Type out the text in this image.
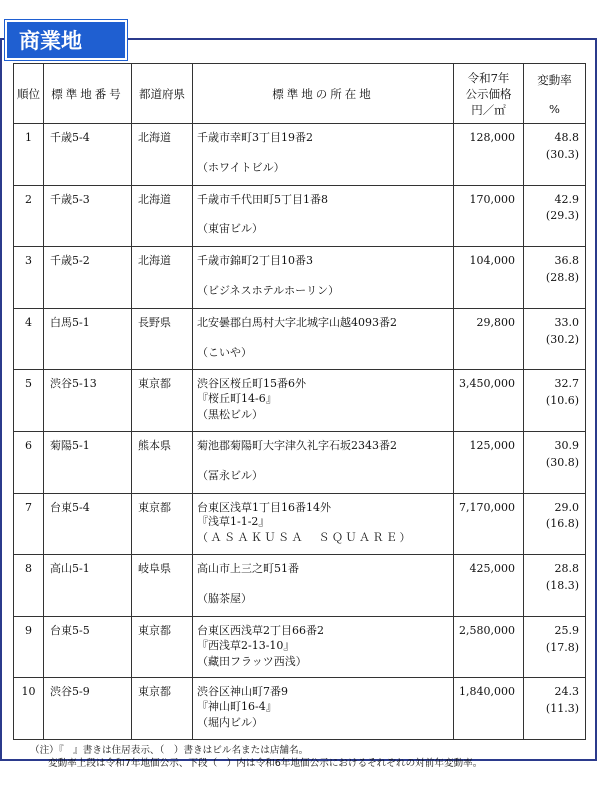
商業地
順位	標準地番号	都道府県	標準地の所在地	令和7年
公示価格
円／㎡	変動率

%
1	千歳5-4	北海道	千歳市幸町3丁目19番2
（ホワイトビル）	128,000	48.8
(30.3)

2	千歳5-3	北海道	千歳市千代田町5丁目1番8
（東宙ビル）	170,000	42.9
(29.3)

3	千歳5-2	北海道	千歳市錦町2丁目10番3
（ビジネスホテルホーリン）	104,000	36.8
(28.8)

4	白馬5-1	長野県	北安曇郡白馬村大字北城字山越4093番2
（こいや）	29,800	33.0
(30.2)

5	渋谷5-13	東京都	渋谷区桜丘町15番6外
『桜丘町14-6』
（黒松ビル）	3,450,000	32.7
(10.6)

6	菊陽5-1	熊本県	菊池郡菊陽町大字津久礼字石坂2343番2
（冨永ビル）	125,000	30.9
(30.8)

7	台東5-4	東京都	台東区浅草1丁目16番14外
『浅草1-1-2』
（ＡＳＡＫＵＳＡ　ＳＱＵＡＲＥ）	7,170,000	29.0
(16.8)

8	高山5-1	岐阜県	高山市上三之町51番
（脇茶屋）	425,000	28.8
(18.3)

9	台東5-5	東京都	台東区西浅草2丁目66番2
『西浅草2-13-10』
（藏田フラッツ西浅）	2,580,000	25.9
(17.8)

10	渋谷5-9	東京都	渋谷区神山町7番9
『神山町16-4』
（堀内ビル）	1,840,000	24.3
(11.3)
（注）『　』書きは住居表示、（　）書きはビル名または店舗名。
変動率上段は令和7年地価公示、下段（　）内は令和6年地価公示におけるそれぞれの対前年変動率。
